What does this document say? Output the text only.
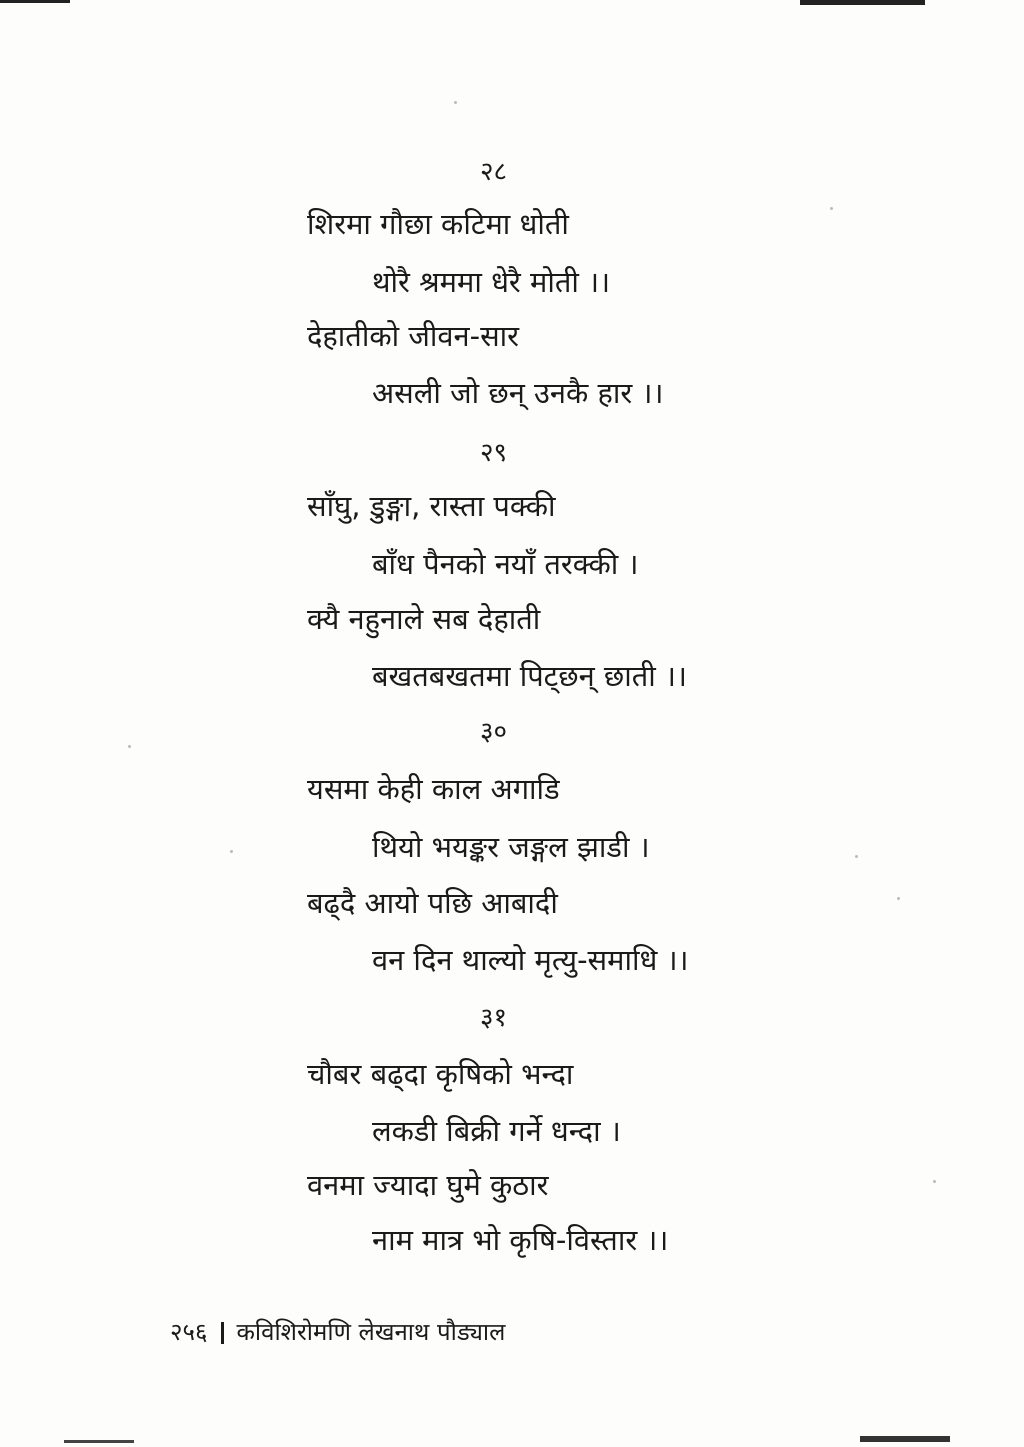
२८
शिरमा गौछा कटिमा धोती
थोरै श्रममा धेरै मोती ।।
देहातीको जीवन-सार
असली जो छन् उनकै हार ।।
२९
साँघु, डुङ्गा, रास्ता पक्की
बाँध पैनको नयाँ तरक्की ।
क्यै नहुनाले सब देहाती
बखतबखतमा पिट्छन् छाती ।।
३०
यसमा केही काल अगाडि
थियो भयङ्कर जङ्गल झाडी ।
बढ्दै आयो पछि आबादी
वन दिन थाल्यो मृत्यु-समाधि ।।
३१
चौबर बढ्दा कृषिको भन्दा
लकडी बिक्री गर्ने धन्दा ।
वनमा ज्यादा घुमे कुठार
नाम मात्र भो कृषि-विस्तार ।।
२५६ कविशिरोमणि लेखनाथ पौड्याल
